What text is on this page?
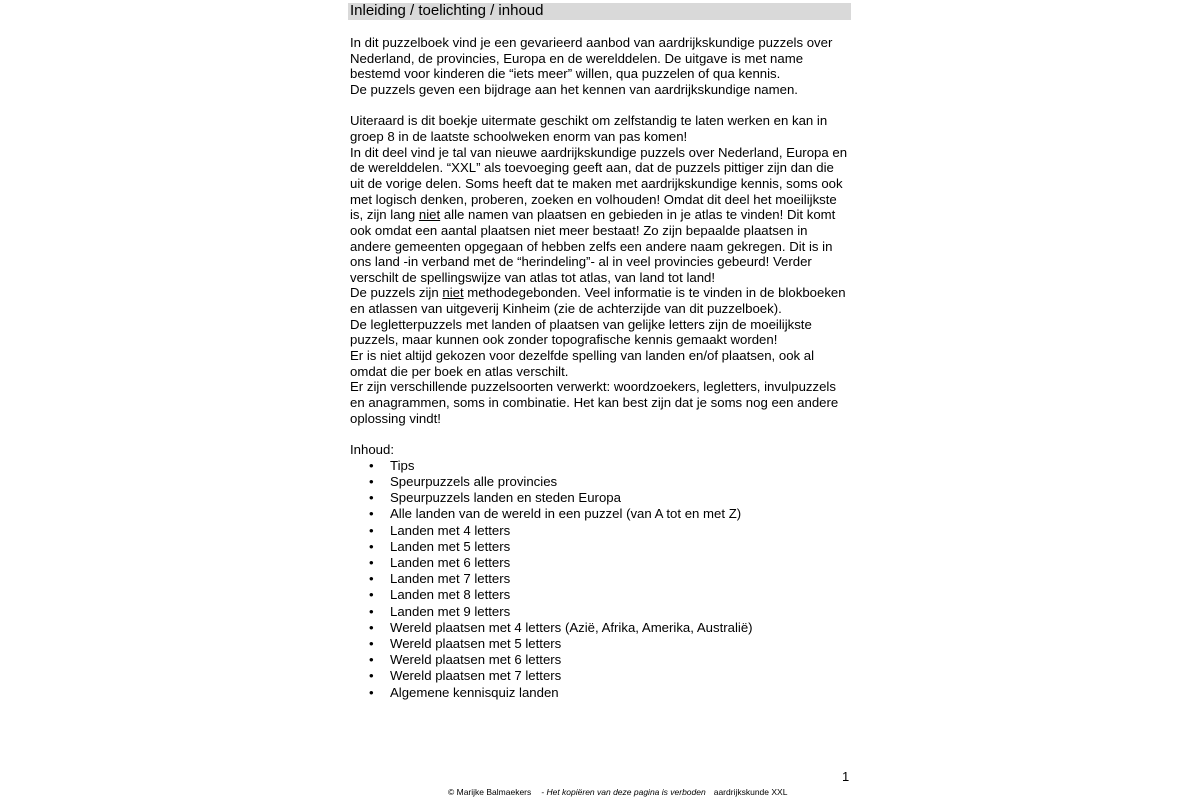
Inleiding / toelichting / inhoud

In dit puzzelboek vind je een gevarieerd aanbod van aardrijkskundige puzzels over
Nederland, de provincies, Europa en de werelddelen. De uitgave is met name
bestemd voor kinderen die “iets meer” willen, qua puzzelen of qua kennis.
De puzzels geven een bijdrage aan het kennen van aardrijkskundige namen.

Uiteraard is dit boekje uitermate geschikt om zelfstandig te laten werken en kan in
groep 8 in de laatste schoolweken enorm van pas komen!
In dit deel vind je tal van nieuwe aardrijkskundige puzzels over Nederland, Europa en
de werelddelen. “XXL” als toevoeging geeft aan, dat de puzzels pittiger zijn dan die
uit de vorige delen. Soms heeft dat te maken met aardrijkskundige kennis, soms ook
met logisch denken, proberen, zoeken en volhouden! Omdat dit deel het moeilijkste
is, zijn lang niet alle namen van plaatsen en gebieden in je atlas te vinden! Dit komt
ook omdat een aantal plaatsen niet meer bestaat! Zo zijn bepaalde plaatsen in
andere gemeenten opgegaan of hebben zelfs een andere naam gekregen. Dit is in
ons land -in verband met de “herindeling”- al in veel provincies gebeurd! Verder
verschilt de spellingswijze van atlas tot atlas, van land tot land!
De puzzels zijn niet methodegebonden. Veel informatie is te vinden in de blokboeken
en atlassen van uitgeverij Kinheim (zie de achterzijde van dit puzzelboek).
De legletterpuzzels met landen of plaatsen van gelijke letters zijn de moeilijkste
puzzels, maar kunnen ook zonder topografische kennis gemaakt worden!
Er is niet altijd gekozen voor dezelfde spelling van landen en/of plaatsen, ook al
omdat die per boek en atlas verschilt.
Er zijn verschillende puzzelsoorten verwerkt: woordzoekers, legletters, invulpuzzels
en anagrammen, soms in combinatie. Het kan best zijn dat je soms nog een andere
oplossing vindt!

Inhoud:
• Tips
• Speurpuzzels alle provincies
• Speurpuzzels landen en steden Europa
• Alle landen van de wereld in een puzzel (van A tot en met Z)
• Landen met 4 letters
• Landen met 5 letters
• Landen met 6 letters
• Landen met 7 letters
• Landen met 8 letters
• Landen met 9 letters
• Wereld plaatsen met 4 letters (Azië, Afrika, Amerika, Australië)
• Wereld plaatsen met 5 letters
• Wereld plaatsen met 6 letters
• Wereld plaatsen met 7 letters
• Algemene kennisquiz landen
1
© Marijke Balmaekers - Het kopiëren van deze pagina is verboden aardrijkskunde XXL
